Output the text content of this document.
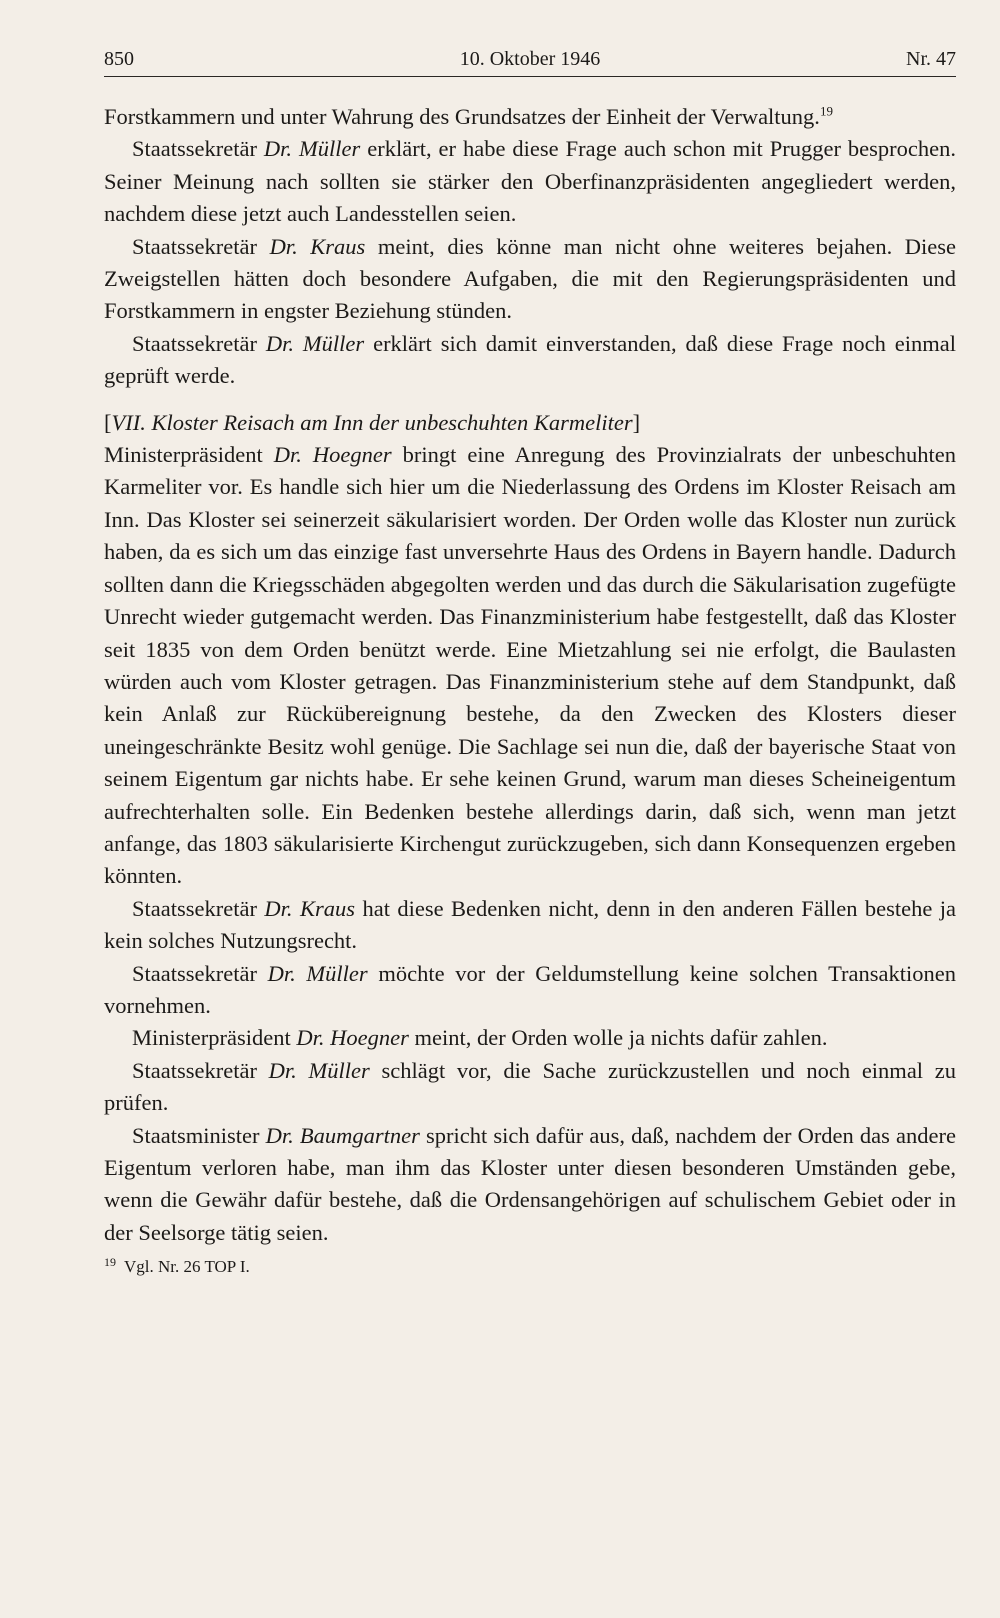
850	10. Oktober 1946	Nr. 47

Forstkammern und unter Wahrung des Grundsatzes der Einheit der Verwaltung.$^{19}$

Staatssekretär Dr. Müller erklärt, er habe diese Frage auch schon mit Prugger besprochen. Seiner Meinung nach sollten sie stärker den Oberfinanzpräsidenten angegliedert werden, nachdem diese jetzt auch Landesstellen seien.

Staatssekretär Dr. Kraus meint, dies könne man nicht ohne weiteres bejahen. Diese Zweigstellen hätten doch besondere Aufgaben, die mit den Regierungspräsidenten und Forstkammern in engster Beziehung stünden.

Staatssekretär Dr. Müller erklärt sich damit einverstanden, daß diese Frage noch einmal geprüft werde.

[VII. Kloster Reisach am Inn der unbeschuhten Karmeliter]

Ministerpräsident Dr. Hoegner bringt eine Anregung des Provinzialrats der unbeschuhten Karmeliter vor. Es handle sich hier um die Niederlassung des Ordens im Kloster Reisach am Inn. Das Kloster sei seinerzeit säkularisiert worden. Der Orden wolle das Kloster nun zurück haben, da es sich um das einzige fast unversehrte Haus des Ordens in Bayern handle. Dadurch sollten dann die Kriegsschäden abgegolten werden und das durch die Säkularisation zugefügte Unrecht wieder gutgemacht werden. Das Finanzministerium habe festgestellt, daß das Kloster seit 1835 von dem Orden benützt werde. Eine Mietzahlung sei nie erfolgt, die Baulasten würden auch vom Kloster getragen. Das Finanzministerium stehe auf dem Standpunkt, daß kein Anlaß zur Rückübereignung bestehe, da den Zwecken des Klosters dieser uneingeschränkte Besitz wohl genüge. Die Sachlage sei nun die, daß der bayerische Staat von seinem Eigentum gar nichts habe. Er sehe keinen Grund, warum man dieses Scheineigentum aufrechterhalten solle. Ein Bedenken bestehe allerdings darin, daß sich, wenn man jetzt anfange, das 1803 säkularisierte Kirchengut zurückzugeben, sich dann Konsequenzen ergeben könnten.

Staatssekretär Dr. Kraus hat diese Bedenken nicht, denn in den anderen Fällen bestehe ja kein solches Nutzungsrecht.

Staatssekretär Dr. Müller möchte vor der Geldumstellung keine solchen Transaktionen vornehmen.

Ministerpräsident Dr. Hoegner meint, der Orden wolle ja nichts dafür zahlen.

Staatssekretär Dr. Müller schlägt vor, die Sache zurückzustellen und noch einmal zu prüfen.

Staatsminister Dr. Baumgartner spricht sich dafür aus, daß, nachdem der Orden das andere Eigentum verloren habe, man ihm das Kloster unter diesen besonderen Umständen gebe, wenn die Gewähr dafür bestehe, daß die Ordensangehörigen auf schulischem Gebiet oder in der Seelsorge tätig seien.

$^{19}$ Vgl. Nr. 26 TOP I.
